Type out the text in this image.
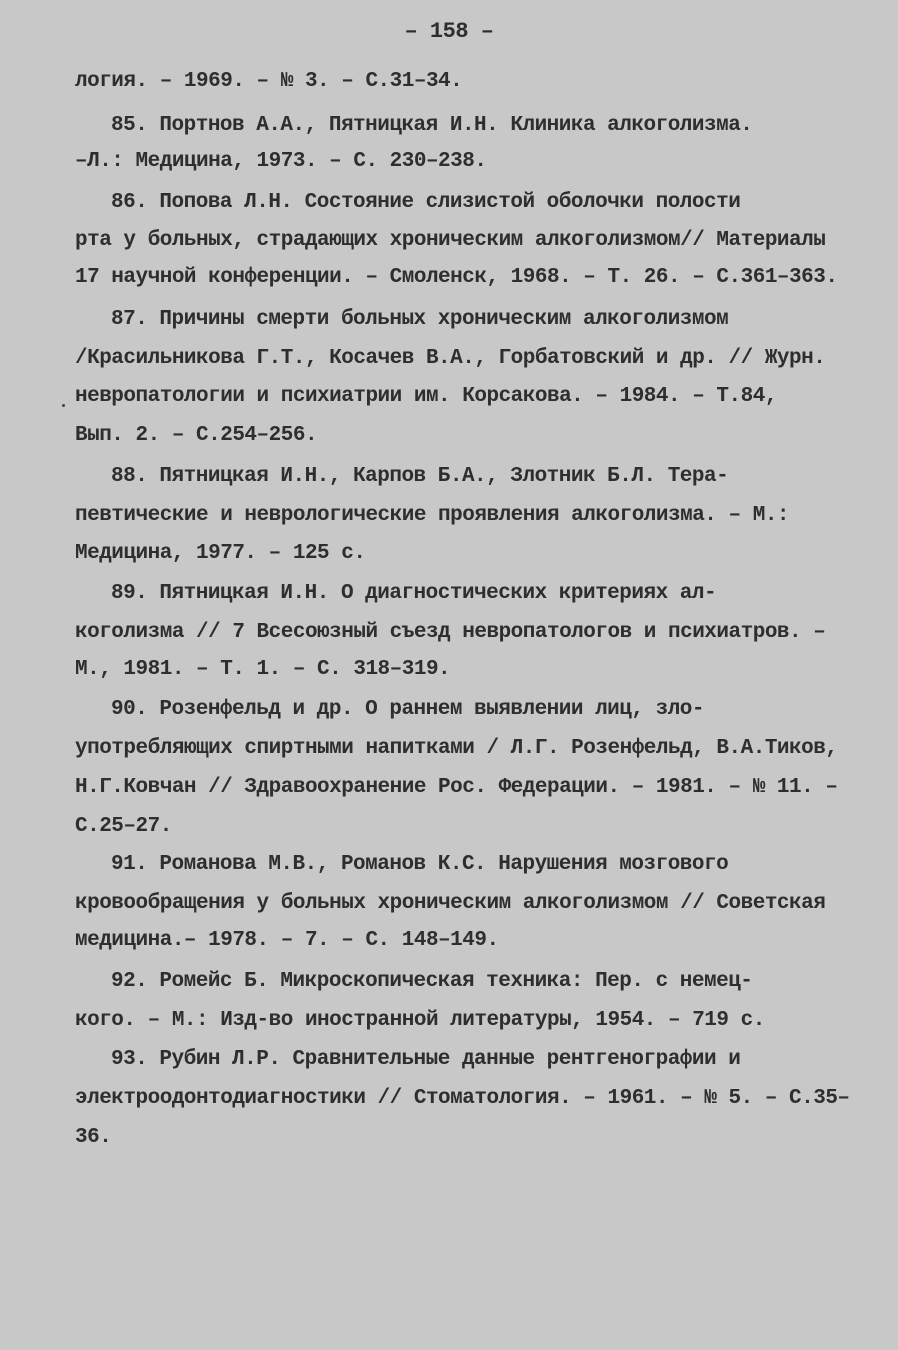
– 158 –
логия. – 1969. – № 3. – С.31–34.
85. Портнов А.А., Пятницкая И.Н. Клиника алкоголизма.
–Л.: Медицина, 1973. – С. 230–238.
86. Попова Л.Н. Состояние слизистой оболочки полости
рта у больных, страдающих хроническим алкоголизмом// Материалы
17 научной конференции. – Смоленск, 1968. – Т. 26. – С.361–363.
87. Причины смерти больных хроническим алкоголизмом
/Красильникова Г.Т., Косачев В.А., Горбатовский и др. // Журн.
невропатологии и психиатрии им. Корсакова. – 1984. – Т.84,
Вып. 2. – С.254–256.
88. Пятницкая И.Н., Карпов Б.А., Злотник Б.Л. Тера-
певтические и неврологические проявления алкоголизма. – М.:
Медицина, 1977. – 125 с.
89. Пятницкая И.Н. О диагностических критериях ал-
коголизма // 7 Всесоюзный съезд невропатологов и психиатров. –
М., 1981. – Т. 1. – С. 318–319.
90. Розенфельд и др. О раннем выявлении лиц, зло-
употребляющих спиртными напитками / Л.Г. Розенфельд, В.А.Тиков,
Н.Г.Ковчан // Здравоохранение Рос. Федерации. – 1981. – № 11. –
С.25–27.
91. Романова М.В., Романов К.С. Нарушения мозгового
кровообращения у больных хроническим алкоголизмом // Советская
медицина.– 1978. – 7. – С. 148–149.
92. Ромейс Б. Микроскопическая техника: Пер. с немец-
кого. – М.: Изд-во иностранной литературы, 1954. – 719 с.
93. Рубин Л.Р. Сравнительные данные рентгенографии и
электроодонтодиагностики // Стоматология. – 1961. – № 5. – С.35–
36.
